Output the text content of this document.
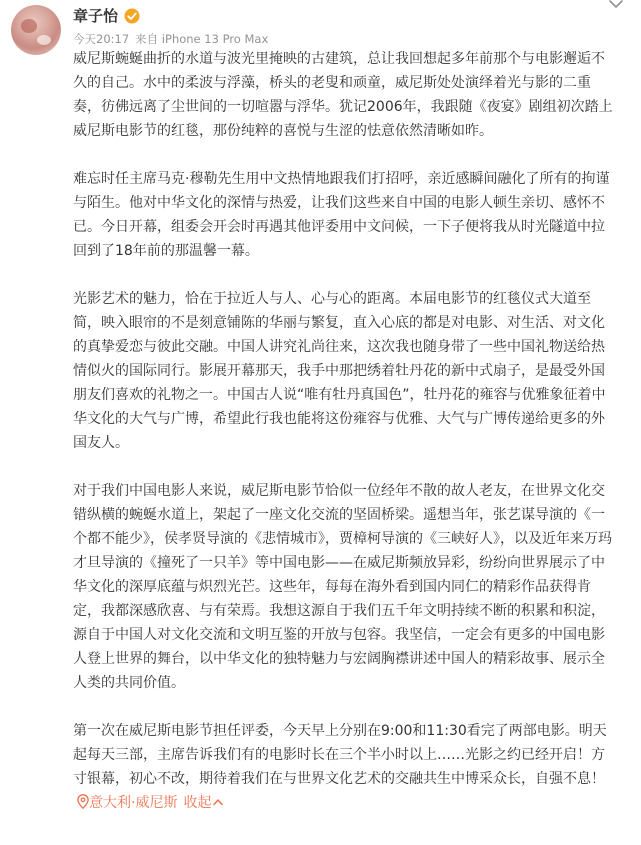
章子怡
今天20:17 来自 iPhone 13 Pro Max

威尼斯蜿蜒曲折的水道与波光里掩映的古建筑，总让我回想起多年前那个与电影邂逅不久的自己。水中的柔波与浮藻，桥头的老叟和顽童，威尼斯处处演绎着光与影的二重奏，彷佛远离了尘世间的一切喧嚣与浮华。犹记2006年，我跟随《夜宴》剧组初次踏上威尼斯电影节的红毯，那份纯粹的喜悦与生涩的怯意依然清晰如昨。

难忘时任主席马克·穆勒先生用中文热情地跟我们打招呼，亲近感瞬间融化了所有的拘谨与陌生。他对中华文化的深情与热爱，让我们这些来自中国的电影人顿生亲切、感怀不已。今日开幕，组委会开会时再遇其他评委用中文问候，一下子便将我从时光隧道中拉回到了18年前的那温馨一幕。

光影艺术的魅力，恰在于拉近人与人、心与心的距离。本届电影节的红毯仪式大道至简，映入眼帘的不是刻意铺陈的华丽与繁复，直入心底的都是对电影、对生活、对文化的真挚爱恋与彼此交融。中国人讲究礼尚往来，这次我也随身带了一些中国礼物送给热情似火的国际同行。影展开幕那天，我手中那把绣着牡丹花的新中式扇子，是最受外国朋友们喜欢的礼物之一。中国古人说“唯有牡丹真国色”，牡丹花的雍容与优雅象征着中华文化的大气与广博，希望此行我也能将这份雍容与优雅、大气与广博传递给更多的外国友人。

对于我们中国电影人来说，威尼斯电影节恰似一位经年不散的故人老友，在世界文化交错纵横的蜿蜒水道上，架起了一座文化交流的坚固桥梁。遥想当年，张艺谋导演的《一个都不能少》，侯孝贤导演的《悲情城市》，贾樟柯导演的《三峡好人》，以及近年来万玛才旦导演的《撞死了一只羊》等中国电影——在威尼斯频放异彩，纷纷向世界展示了中华文化的深厚底蕴与炽烈光芒。这些年，每每在海外看到国内同仁的精彩作品获得肯定，我都深感欣喜、与有荣焉。我想这源自于我们五千年文明持续不断的积累和积淀，源自于中国人对文化交流和文明互鉴的开放与包容。我坚信，一定会有更多的中国电影人登上世界的舞台，以中华文化的独特魅力与宏阔胸襟讲述中国人的精彩故事、展示全人类的共同价值。

第一次在威尼斯电影节担任评委，今天早上分别在9:00和11:30看完了两部电影。明天起每天三部，主席告诉我们有的电影时长在三个半小时以上……光影之约已经开启！方寸银幕，初心不改，期待着我们在与世界文化艺术的交融共生中博采众长，自强不息！意大利·威尼斯 收起
